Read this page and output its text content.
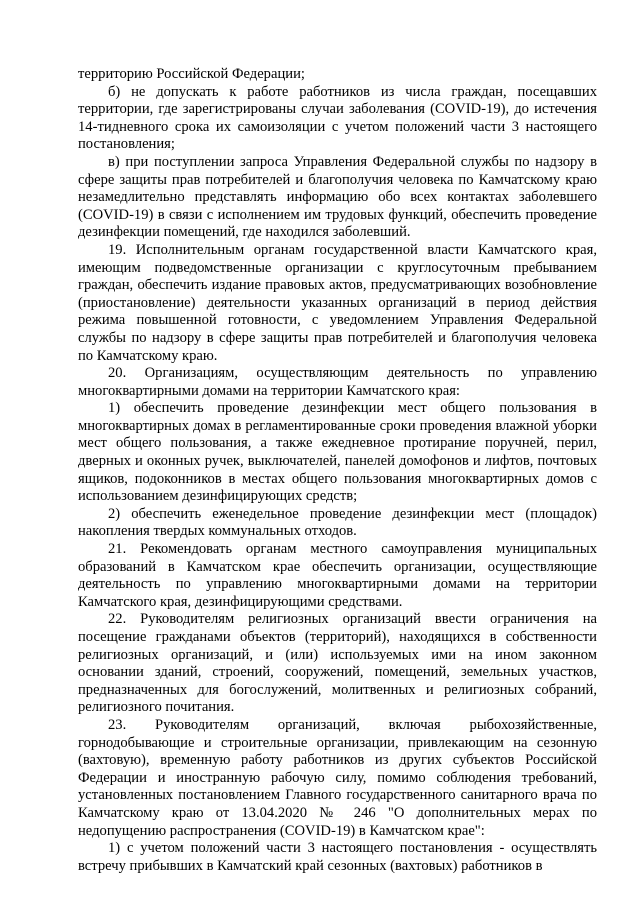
территорию Российской Федерации;

б) не допускать к работе работников из числа граждан, посещавших территории, где зарегистрированы случаи заболевания (COVID-19), до истечения 14-тидневного срока их самоизоляции с учетом положений части 3 настоящего постановления;

в) при поступлении запроса Управления Федеральной службы по надзору в сфере защиты прав потребителей и благополучия человека по Камчатскому краю незамедлительно представлять информацию обо всех контактах заболевшего (COVID-19) в связи с исполнением им трудовых функций, обеспечить проведение дезинфекции помещений, где находился заболевший.

19. Исполнительным органам государственной власти Камчатского края, имеющим подведомственные организации с круглосуточным пребыванием граждан, обеспечить издание правовых актов, предусматривающих возобновление (приостановление) деятельности указанных организаций в период действия режима повышенной готовности, с уведомлением Управления Федеральной службы по надзору в сфере защиты прав потребителей и благополучия человека по Камчатскому краю.

20. Организациям, осуществляющим деятельность по управлению многоквартирными домами на территории Камчатского края:

1) обеспечить проведение дезинфекции мест общего пользования в многоквартирных домах в регламентированные сроки проведения влажной уборки мест общего пользования, а также ежедневное протирание поручней, перил, дверных и оконных ручек, выключателей, панелей домофонов и лифтов, почтовых ящиков, подоконников в местах общего пользования многоквартирных домов с использованием дезинфицирующих средств;

2) обеспечить еженедельное проведение дезинфекции мест (площадок) накопления твердых коммунальных отходов.

21. Рекомендовать органам местного самоуправления муниципальных образований в Камчатском крае обеспечить организации, осуществляющие деятельность по управлению многоквартирными домами на территории Камчатского края, дезинфицирующими средствами.

22. Руководителям религиозных организаций ввести ограничения на посещение гражданами объектов (территорий), находящихся в собственности религиозных организаций, и (или) используемых ими на ином законном основании зданий, строений, сооружений, помещений, земельных участков, предназначенных для богослужений, молитвенных и религиозных собраний, религиозного почитания.

23. Руководителям организаций, включая рыбохозяйственные, горнодобывающие и строительные организации, привлекающим на сезонную (вахтовую), временную работу работников из других субъектов Российской Федерации и иностранную рабочую силу, помимо соблюдения требований, установленных постановлением Главного государственного санитарного врача по Камчатскому краю от 13.04.2020 № 246 "О дополнительных мерах по недопущению распространения (COVID-19) в Камчатском крае":

1) с учетом положений части 3 настоящего постановления - осуществлять встречу прибывших в Камчатский край сезонных (вахтовых) работников в
